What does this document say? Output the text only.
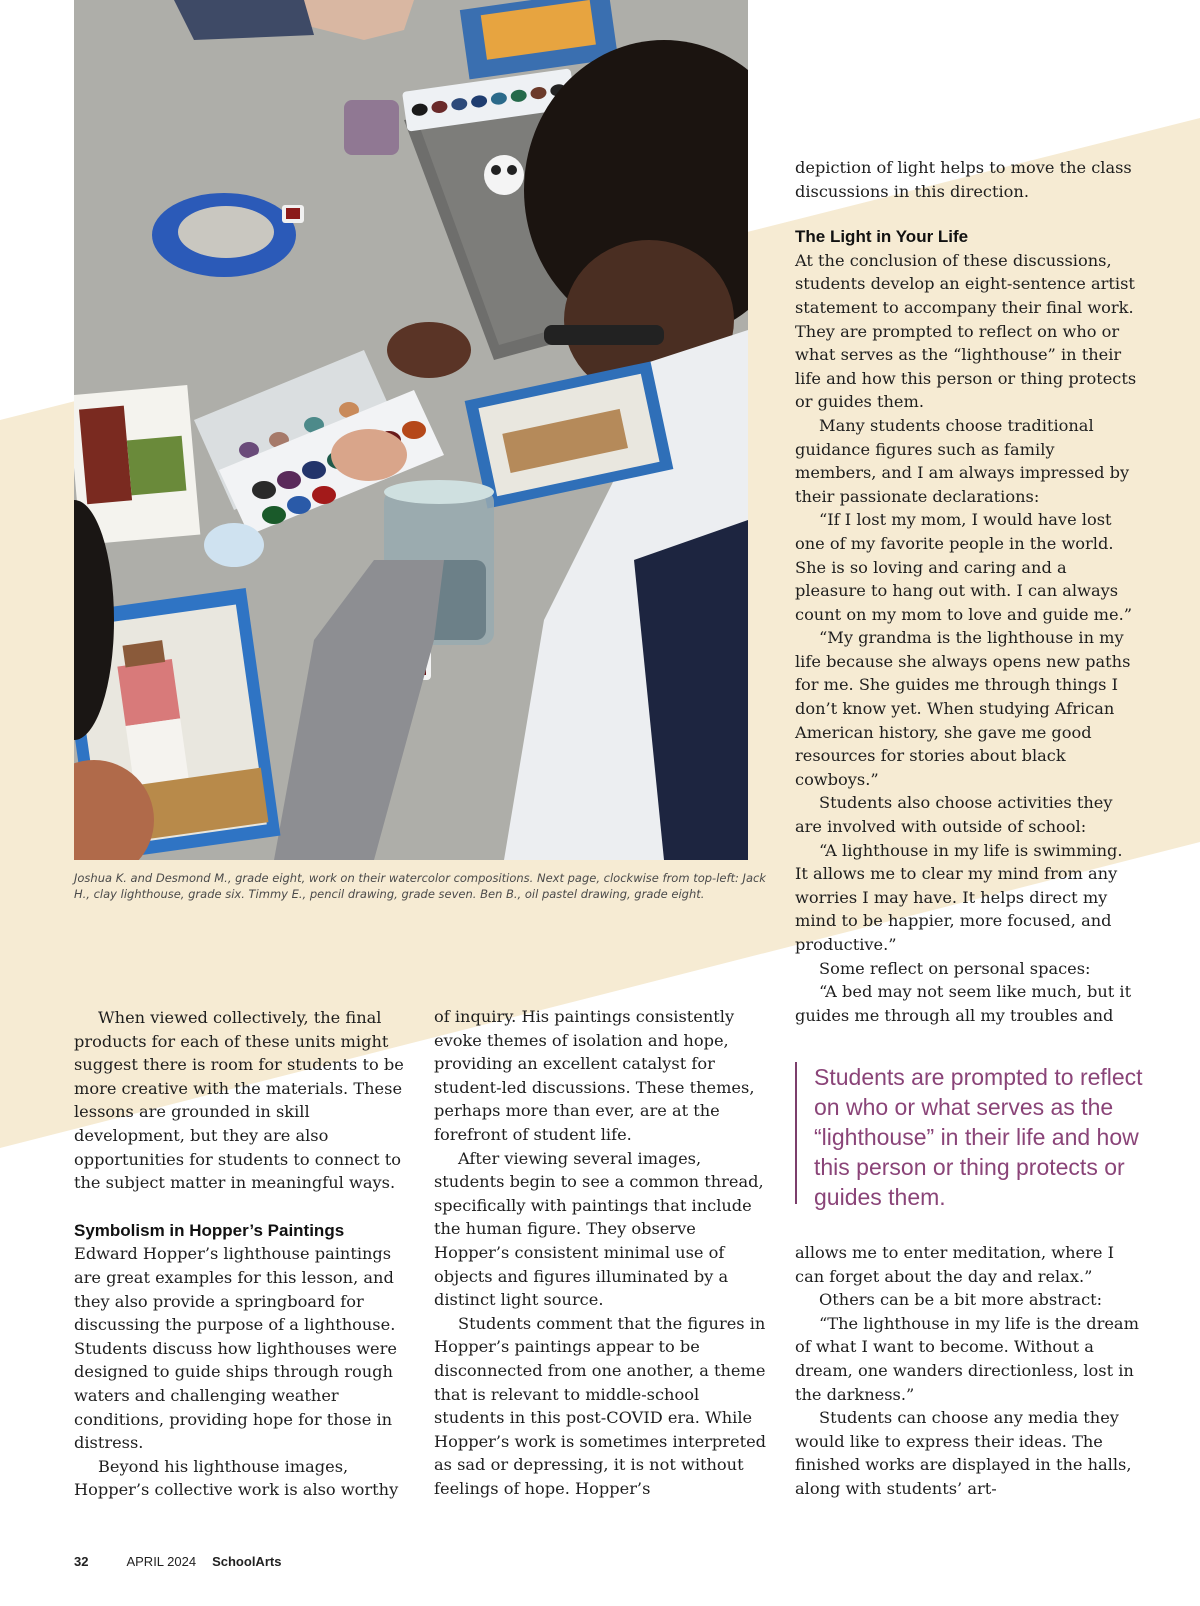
Joshua K. and Desmond M., grade eight, work on their watercolor compositions. Next page, clockwise from top-left: Jack H., clay lighthouse, grade six. Timmy E., pencil drawing, grade seven. Ben B., oil pastel drawing, grade eight.

When viewed collectively, the final products for each of these units might suggest there is room for students to be more creative with the materials. These lessons are grounded in skill development, but they are also opportunities for students to connect to the subject matter in meaningful ways.

Symbolism in Hopper’s Paintings

Edward Hopper’s lighthouse paintings are great examples for this lesson, and they also provide a springboard for discussing the purpose of a lighthouse. Students discuss how lighthouses were designed to guide ships through rough waters and challenging weather conditions, providing hope for those in distress.

Beyond his lighthouse images, Hopper’s collective work is also worthy

of inquiry. His paintings consistently evoke themes of isolation and hope, providing an excellent catalyst for student-led discussions. These themes, perhaps more than ever, are at the forefront of student life.

After viewing several images, students begin to see a common thread, specifically with paintings that include the human figure. They observe Hopper’s consistent minimal use of objects and figures illuminated by a distinct light source.

Students comment that the figures in Hopper’s paintings appear to be disconnected from one another, a theme that is relevant to middle-school students in this post-COVID era. While Hopper’s work is sometimes interpreted as sad or depressing, it is not without feelings of hope. Hopper’s

depiction of light helps to move the class discussions in this direction.

The Light in Your Life

At the conclusion of these discussions, students develop an eight-sentence artist statement to accompany their final work. They are prompted to reflect on who or what serves as the “lighthouse” in their life and how this person or thing protects or guides them.

Many students choose traditional guidance figures such as family members, and I am always impressed by their passionate declarations:

“If I lost my mom, I would have lost one of my favorite people in the world. She is so loving and caring and a pleasure to hang out with. I can always count on my mom to love and guide me.”

“My grandma is the lighthouse in my life because she always opens new paths for me. She guides me through things I don’t know yet. When studying African American history, she gave me good resources for stories about black cowboys.”

Students also choose activities they are involved with outside of school:

“A lighthouse in my life is swimming. It allows me to clear my mind from any worries I may have. It helps direct my mind to be happier, more focused, and productive.”

Some reflect on personal spaces:

“A bed may not seem like much, but it guides me through all my troubles and

Students are prompted to reflect on who or what serves as the “lighthouse” in their life and how this person or thing protects or guides them.

allows me to enter meditation, where I can forget about the day and relax.”

Others can be a bit more abstract:

“The lighthouse in my life is the dream of what I want to become. Without a dream, one wanders directionless, lost in the darkness.”

Students can choose any media they would like to express their ideas. The finished works are displayed in the halls, along with students’ art-

32	APRIL 2024 SchoolArts
